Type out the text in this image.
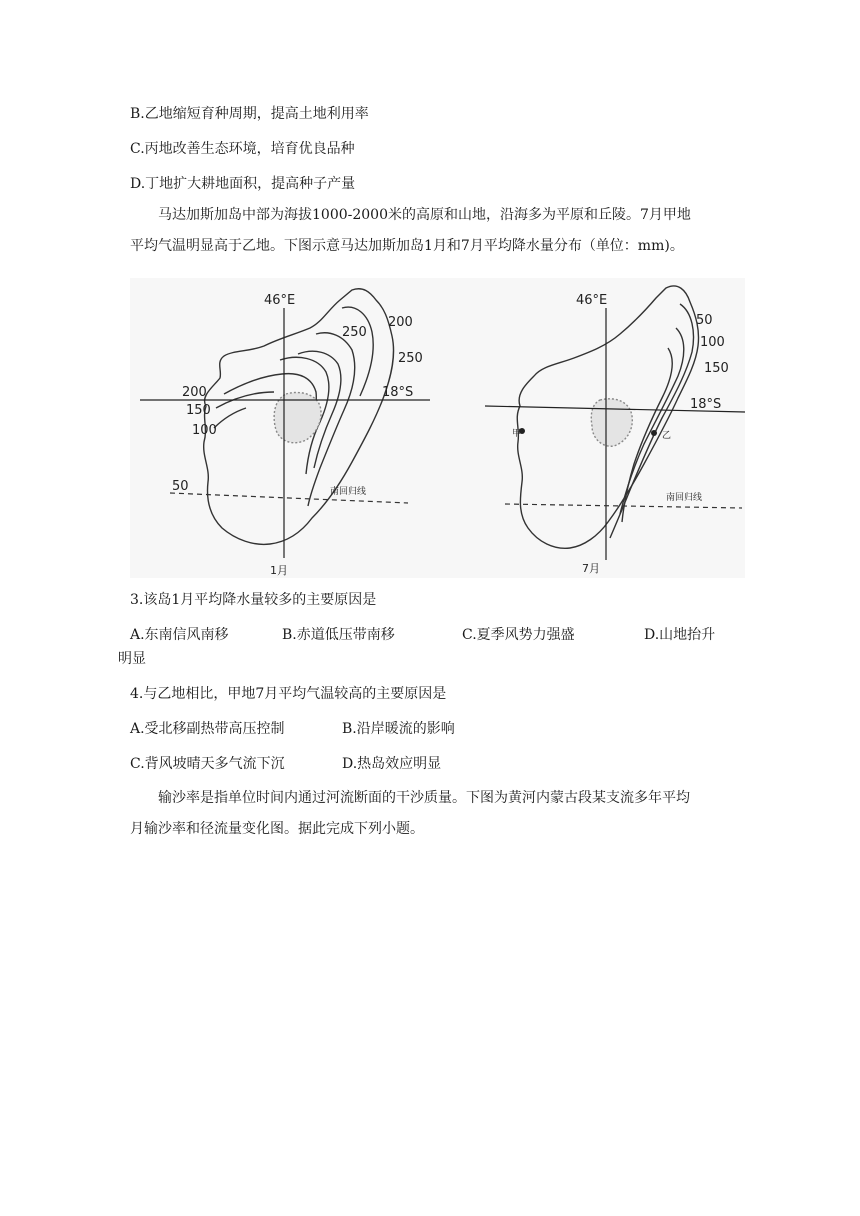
B.乙地缩短育种周期，提高土地利用率
C.丙地改善生态环境，培育优良品种
D.丁地扩大耕地面积，提高种子产量
马达加斯加岛中部为海拔1000-2000米的高原和山地，沿海多为平原和丘陵。7月甲地
平均气温明显高于乙地。下图示意马达加斯加岛1月和7月平均降水量分布（单位：mm)。
46°E
18°S
南回归线
1月
200
250
250
200
150
100
50
46°E
18°S
南回归线
7月
50
100
150
甲	乙
3.该岛1月平均降水量较多的主要原因是
A.东南信风南移	B.赤道低压带南移	C.夏季风势力强盛	D.山地抬升
明显
4.与乙地相比，甲地7月平均气温较高的主要原因是
A.受北移副热带高压控制	B.沿岸暖流的影响
C.背风坡晴天多气流下沉	D.热岛效应明显
输沙率是指单位时间内通过河流断面的干沙质量。下图为黄河内蒙古段某支流多年平均
月输沙率和径流量变化图。据此完成下列小题。
